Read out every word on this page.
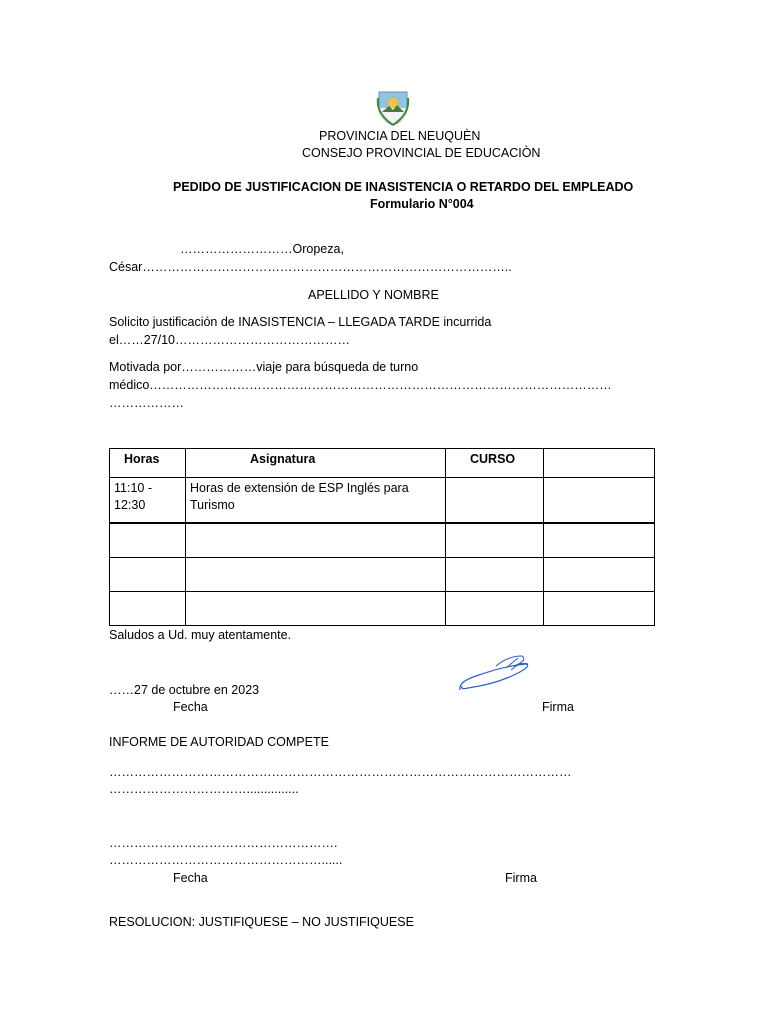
PROVINCIA DEL NEUQUÈN
CONSEJO PROVINCIAL DE EDUCACIÒN
PEDIDO DE JUSTIFICACION DE INASISTENCIA O RETARDO DEL EMPLEADO
Formulario N°004
………………………Oropeza,
César……………………………………………………………………………..
APELLIDO Y NOMBRE
Solicito justificación de INASISTENCIA – LLEGADA TARDE incurrida
el……27/10……………………………………
Motivada por………………viaje para búsqueda de turno
médico…………………………………………………………………………………………………
………………
Horas	Asignatura	CURSO	
11:10 - 12:30	Horas de extensión de ESP Inglés para Turismo		

Saludos a Ud. muy atentamente.
……27 de octubre en 2023
Fecha	Firma
INFORME DE AUTORIDAD COMPETE
…………………………………………………………………………………………………
……………………………...............
……………………………………………….
……………………………………………......
Fecha	Firma
RESOLUCION: JUSTIFIQUESE – NO JUSTIFIQUESE
